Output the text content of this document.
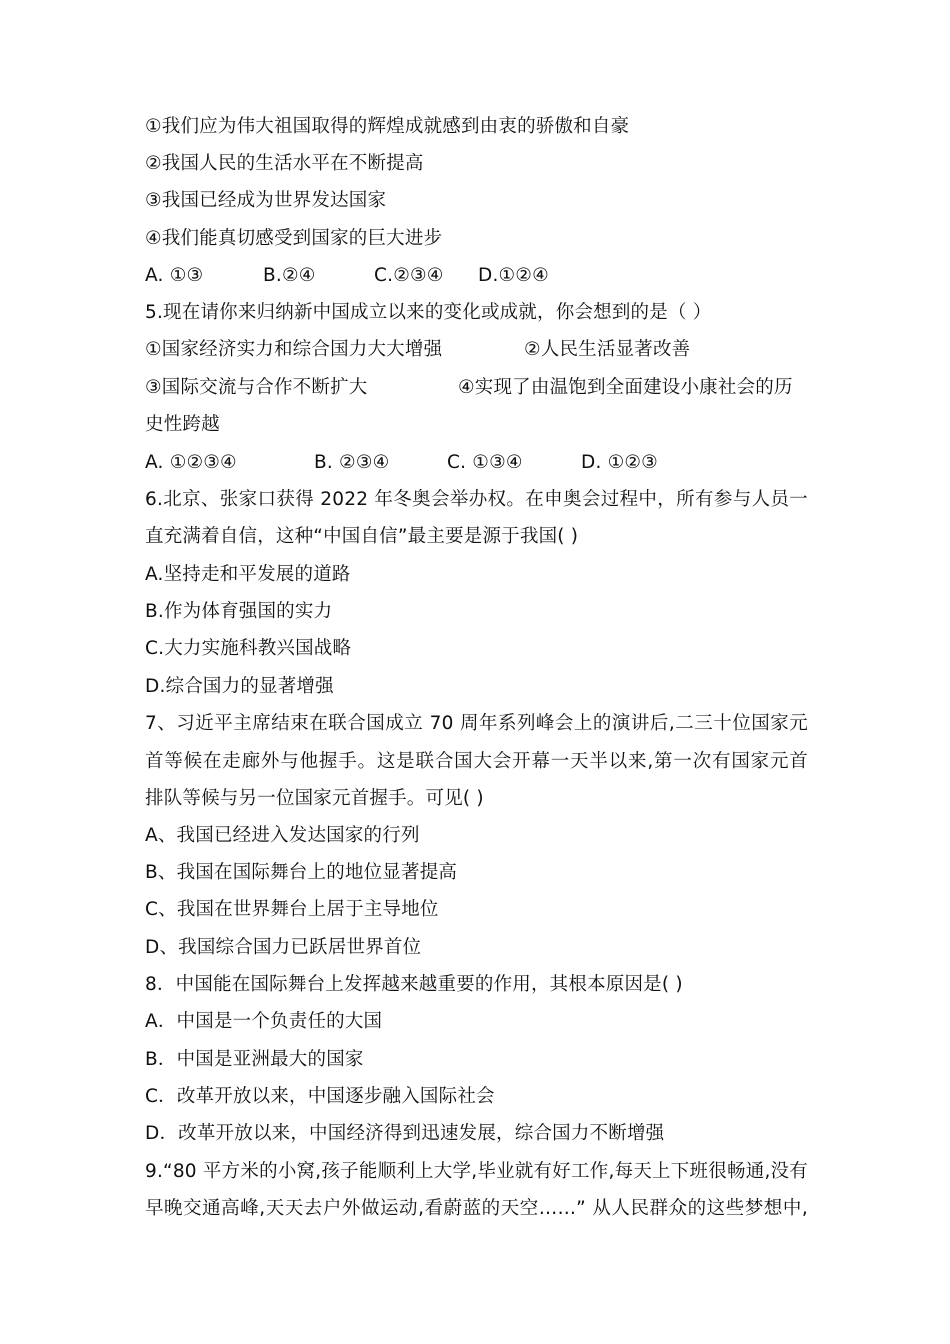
①我们应为伟大祖国取得的辉煌成就感到由衷的骄傲和自豪
②我国人民的生活水平在不断提高
③我国已经成为世界发达国家
④我们能真切感受到国家的巨大进步
A. ①③	B.②④	C.②③④ D.①②④
5.现在请你来归纳新中国成立以来的变化或成就，你会想到的是（ ）
①国家经济实力和综合国力大大增强	②人民生活显著改善
③国际交流与合作不断扩大	④实现了由温饱到全面建设小康社会的历
史性跨越
A. ①②③④	B. ②③④	C. ①③④	D. ①②③
6.北京、张家口获得 2022 年冬奥会举办权。在申奥会过程中，所有参与人员一
直充满着自信，这种“中国自信”最主要是源于我国( )
A.坚持走和平发展的道路
B.作为体育强国的实力
C.大力实施科教兴国战略
D.综合国力的显著增强
7、习近平主席结束在联合国成立 70 周年系列峰会上的演讲后,二三十位国家元
首等候在走廊外与他握手。这是联合国大会开幕一天半以来,第一次有国家元首
排队等候与另一位国家元首握手。可见( )
A、我国已经进入发达国家的行列
B、我国在国际舞台上的地位显著提高
C、我国在世界舞台上居于主导地位
D、我国综合国力已跃居世界首位
8．中国能在国际舞台上发挥越来越重要的作用，其根本原因是( )
A．中国是一个负责任的大国
B．中国是亚洲最大的国家
C．改革开放以来，中国逐步融入国际社会
D．改革开放以来，中国经济得到迅速发展，综合国力不断增强
9.“80 平方米的小窝,孩子能顺利上大学,毕业就有好工作,每天上下班很畅通,没有
早晚交通高峰,天天去户外做运动,看蔚蓝的天空……” 从人民群众的这些梦想中,
